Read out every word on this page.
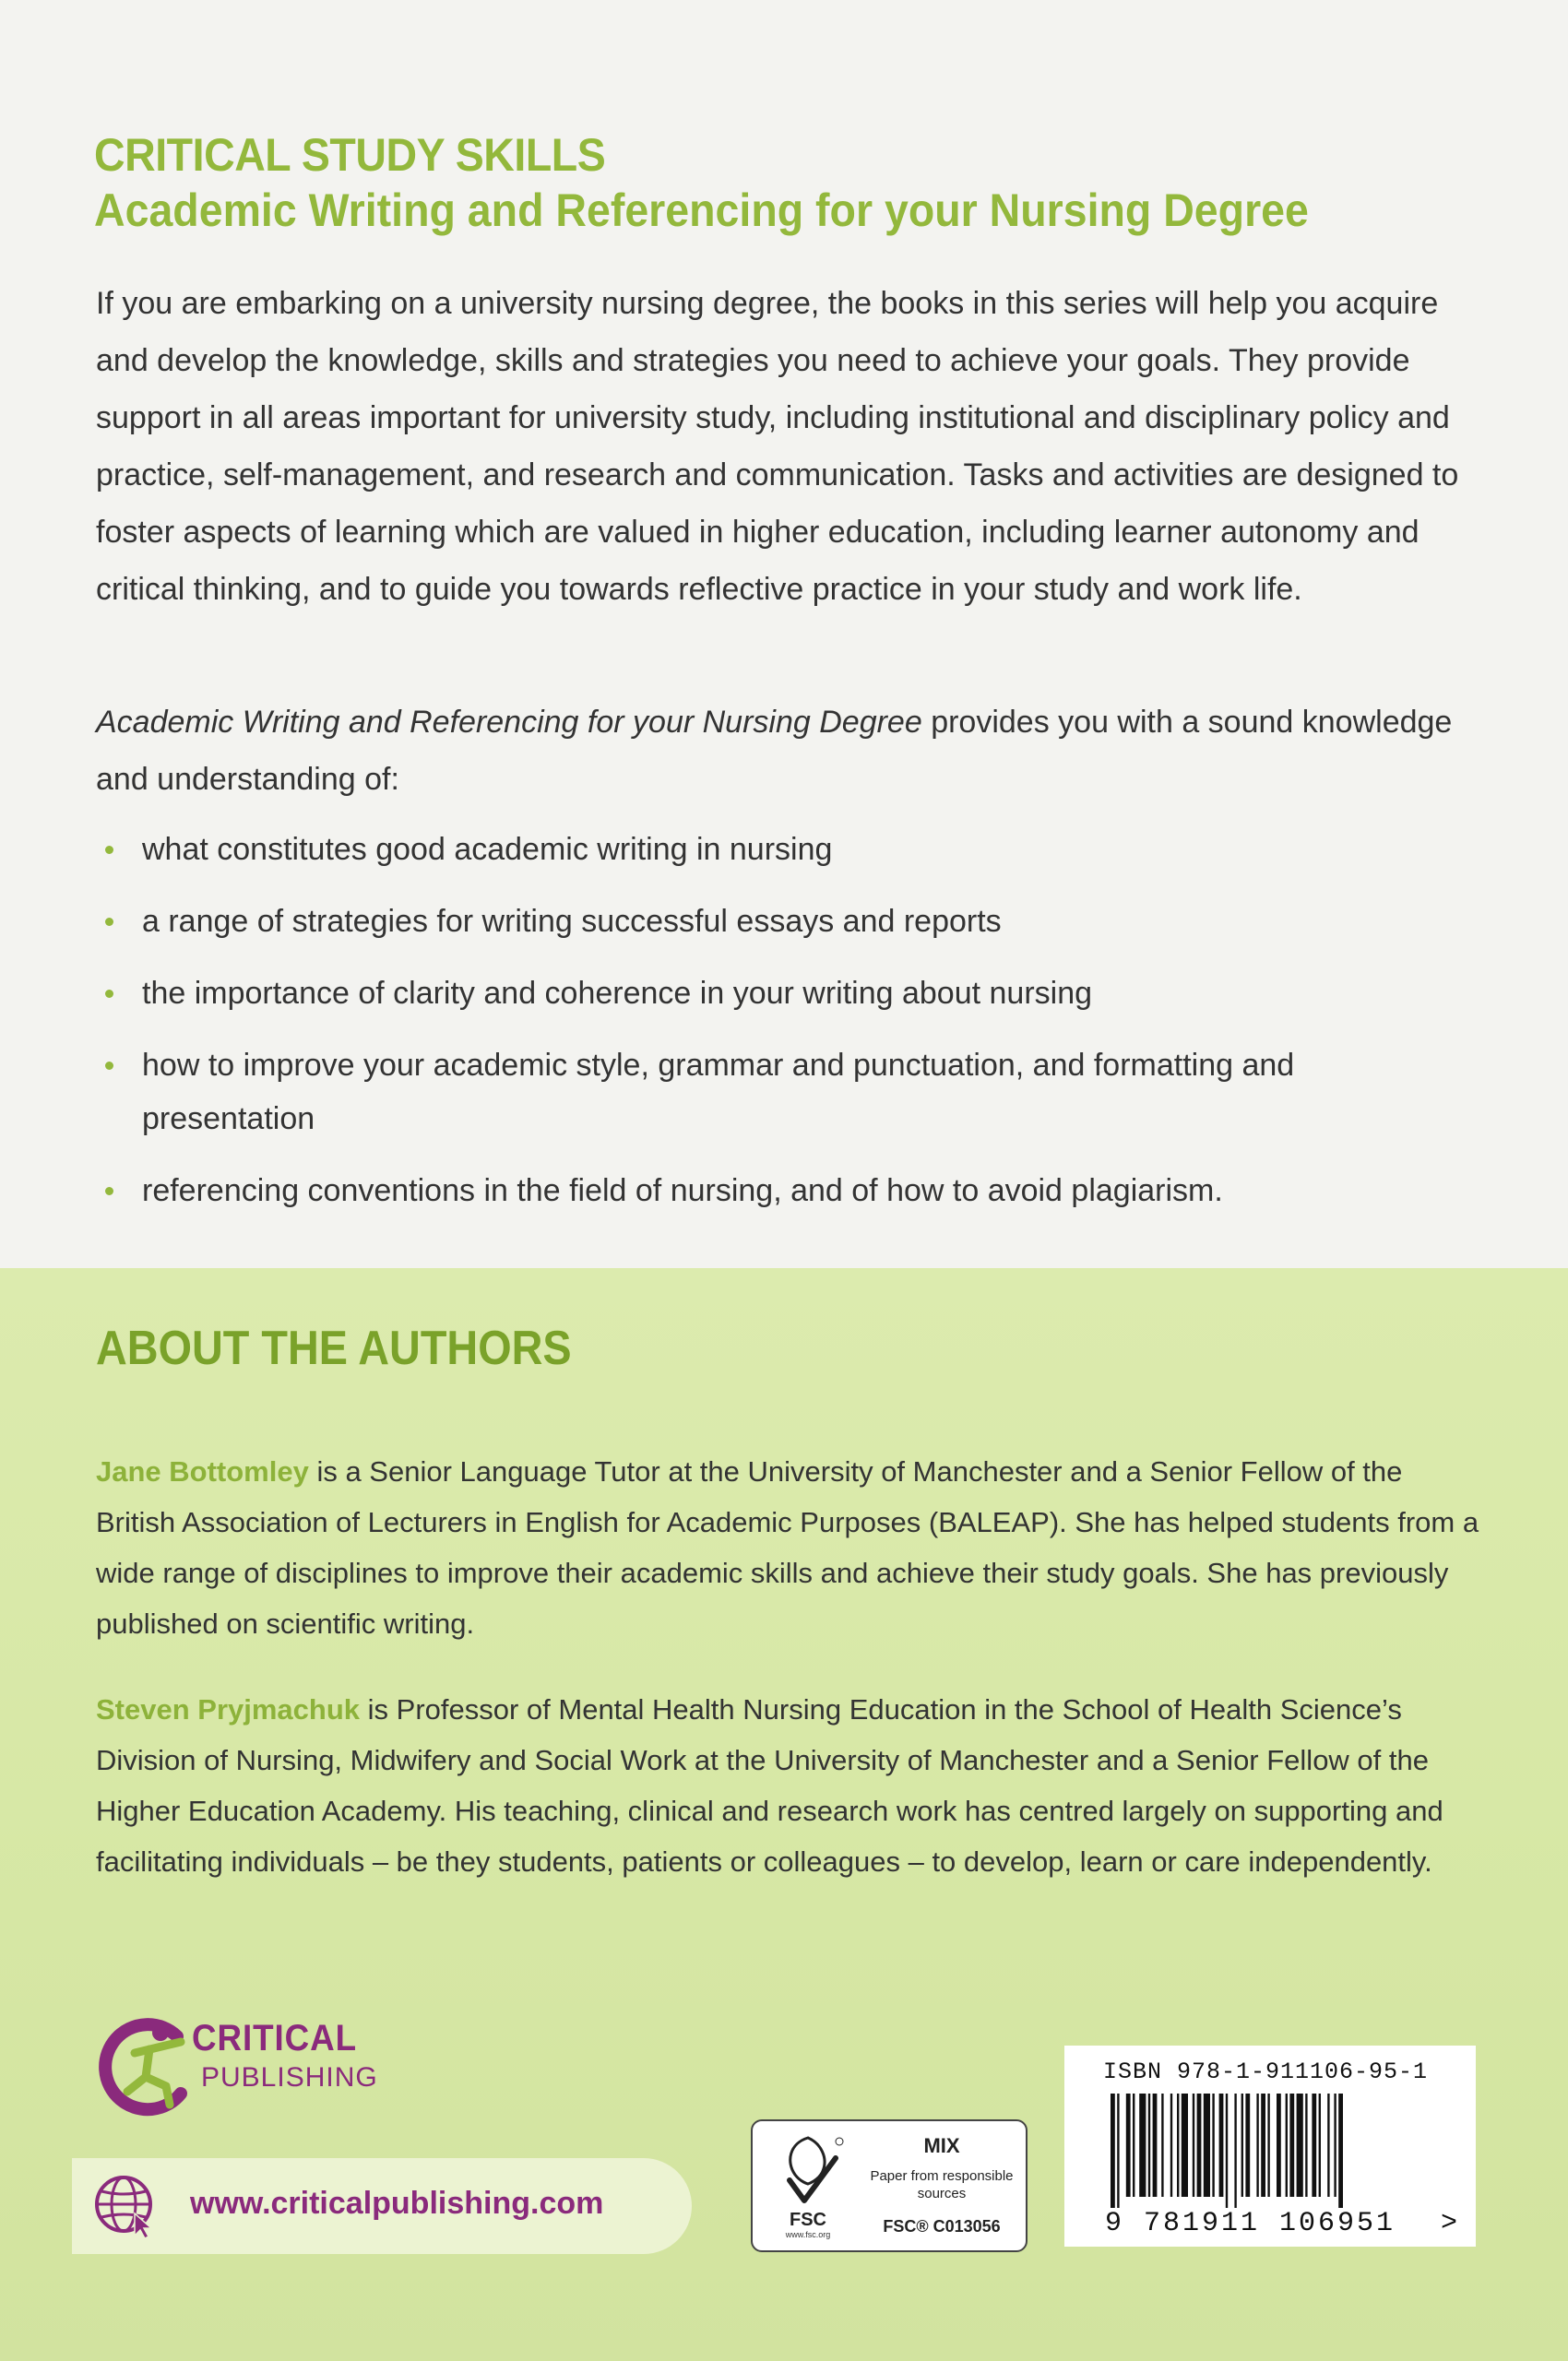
CRITICAL STUDY SKILLS
Academic Writing and Referencing for your Nursing Degree

If you are embarking on a university nursing degree, the books in this series will help you acquire and develop the knowledge, skills and strategies you need to achieve your goals. They provide support in all areas important for university study, including institutional and disciplinary policy and practice, self-management, and research and communication. Tasks and activities are designed to foster aspects of learning which are valued in higher education, including learner autonomy and critical thinking, and to guide you towards reflective practice in your study and work life.

Academic Writing and Referencing for your Nursing Degree provides you with a sound knowledge and understanding of:

what constitutes good academic writing in nursing
a range of strategies for writing successful essays and reports
the importance of clarity and coherence in your writing about nursing
how to improve your academic style, grammar and punctuation, and formatting and presentation
referencing conventions in the field of nursing, and of how to avoid plagiarism.
ABOUT THE AUTHORS

Jane Bottomley is a Senior Language Tutor at the University of Manchester and a Senior Fellow of the British Association of Lecturers in English for Academic Purposes (BALEAP). She has helped students from a wide range of disciplines to improve their academic skills and achieve their study goals. She has previously published on scientific writing.

Steven Pryjmachuk is Professor of Mental Health Nursing Education in the School of Health Science’s Division of Nursing, Midwifery and Social Work at the University of Manchester and a Senior Fellow of the Higher Education Academy. His teaching, clinical and research work has centred largely on supporting and facilitating individuals – be they students, patients or colleagues – to develop, learn or care independently.

CRITICAL
PUBLISHING
www.criticalpublishing.com	FSC
www.fsc.org
MIX
Paper from responsible sources
FSC® C013056
ISBN 978-1-911106-95-1
9 781911 106951	>
